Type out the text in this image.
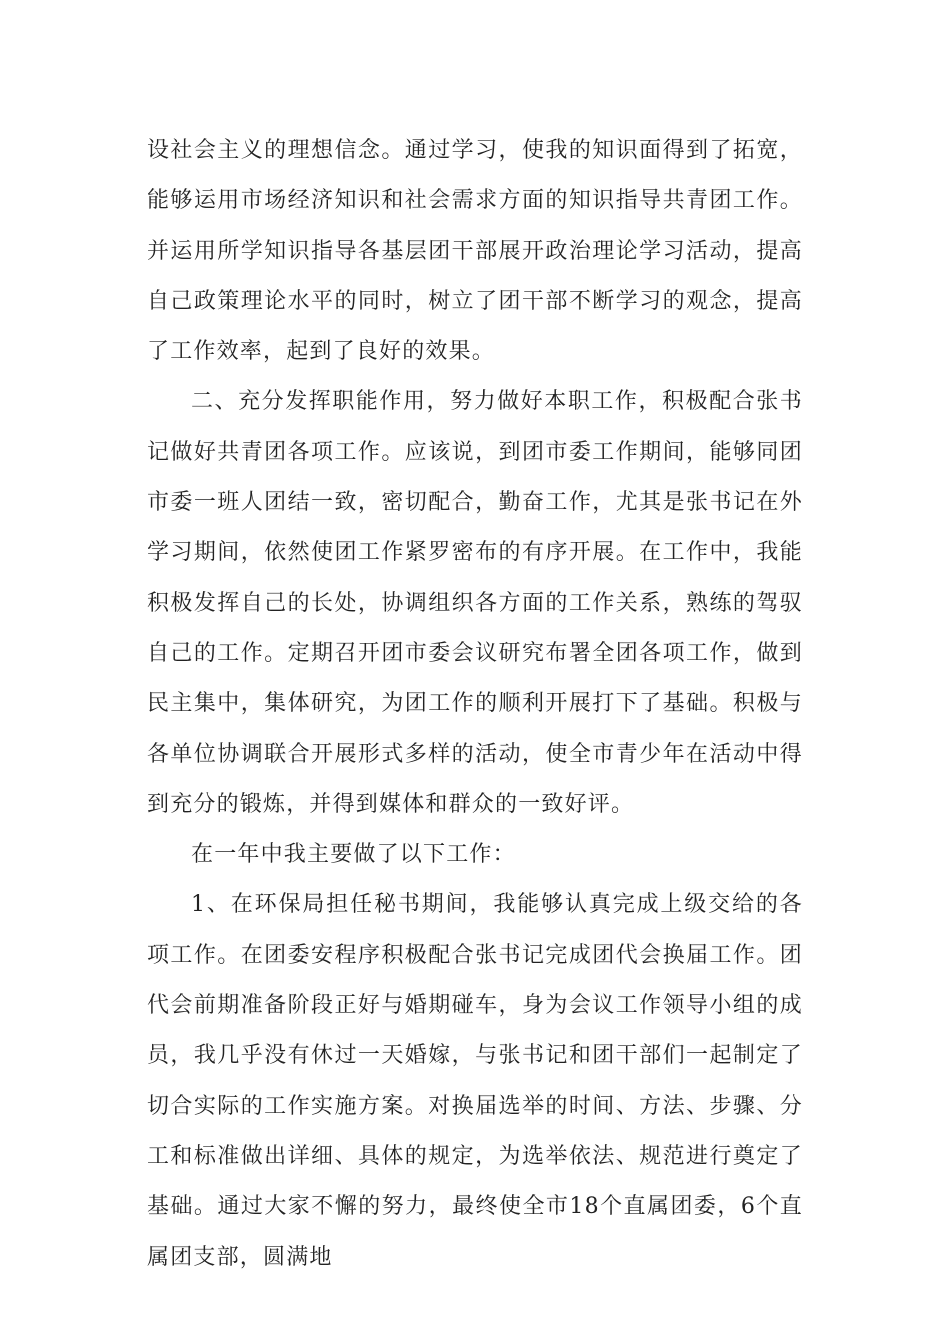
设社会主义的理想信念。通过学习，使我的知识面得到了拓宽，能够运用市场经济知识和社会需求方面的知识指导共青团工作。并运用所学知识指导各基层团干部展开政治理论学习活动，提高自己政策理论水平的同时，树立了团干部不断学习的观念，提高了工作效率，起到了良好的效果。

二、充分发挥职能作用，努力做好本职工作，积极配合张书记做好共青团各项工作。应该说，到团市委工作期间，能够同团市委一班人团结一致，密切配合，勤奋工作，尤其是张书记在外学习期间，依然使团工作紧罗密布的有序开展。在工作中，我能积极发挥自己的长处，协调组织各方面的工作关系，熟练的驾驭自己的工作。定期召开团市委会议研究布署全团各项工作，做到民主集中，集体研究，为团工作的顺利开展打下了基础。积极与各单位协调联合开展形式多样的活动，使全市青少年在活动中得到充分的锻炼，并得到媒体和群众的一致好评。

在一年中我主要做了以下工作：

1、在环保局担任秘书期间，我能够认真完成上级交给的各项工作。在团委安程序积极配合张书记完成团代会换届工作。团代会前期准备阶段正好与婚期碰车，身为会议工作领导小组的成员，我几乎没有休过一天婚嫁，与张书记和团干部们一起制定了切合实际的工作实施方案。对换届选举的时间、方法、步骤、分工和标准做出详细、具体的规定，为选举依法、规范进行奠定了基础。通过大家不懈的努力，最终使全市18个直属团委，6个直属团支部，圆满地
